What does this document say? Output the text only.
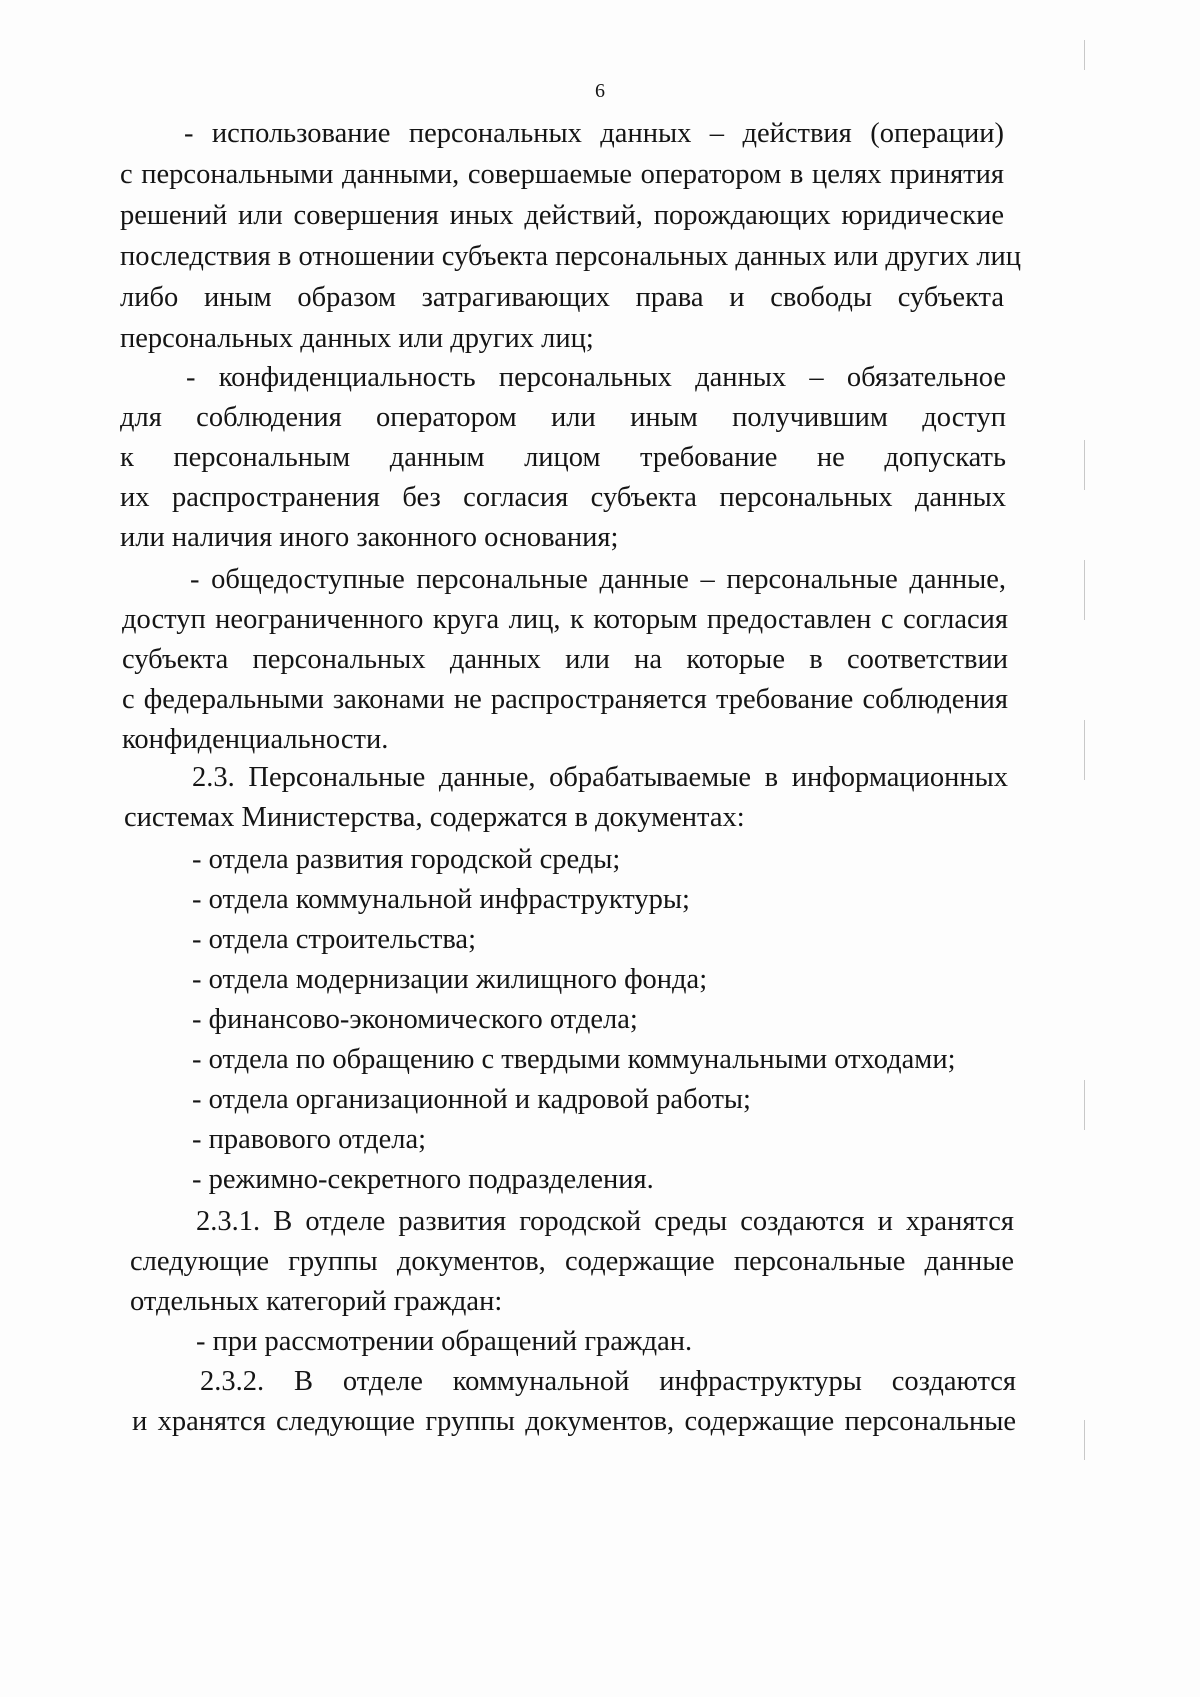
6
- использование персональных данных – действия (операции)
с персональными данными, совершаемые оператором в целях принятия
решений или совершения иных действий, порождающих юридические
последствия в отношении субъекта персональных данных или других лиц
либо иным образом затрагивающих права и свободы субъекта
персональных данных или других лиц;
- конфиденциальность персональных данных – обязательное
для соблюдения оператором или иным получившим доступ
к персональным данным лицом требование не допускать
их распространения без согласия субъекта персональных данных
или наличия иного законного основания;
- общедоступные персональные данные – персональные данные,
доступ неограниченного круга лиц, к которым предоставлен с согласия
субъекта персональных данных или на которые в соответствии
с федеральными законами не распространяется требование соблюдения
конфиденциальности.
2.3. Персональные данные, обрабатываемые в информационных
системах Министерства, содержатся в документах:
- отдела развития городской среды;
- отдела коммунальной инфраструктуры;
- отдела строительства;
- отдела модернизации жилищного фонда;
- финансово-экономического отдела;
- отдела по обращению с твердыми коммунальными отходами;
- отдела организационной и кадровой работы;
- правового отдела;
- режимно-секретного подразделения.
2.3.1. В отделе развития городской среды создаются и хранятся
следующие группы документов, содержащие персональные данные
отдельных категорий граждан:
- при рассмотрении обращений граждан.
2.3.2. В отделе коммунальной инфраструктуры создаются
и хранятся следующие группы документов, содержащие персональные
